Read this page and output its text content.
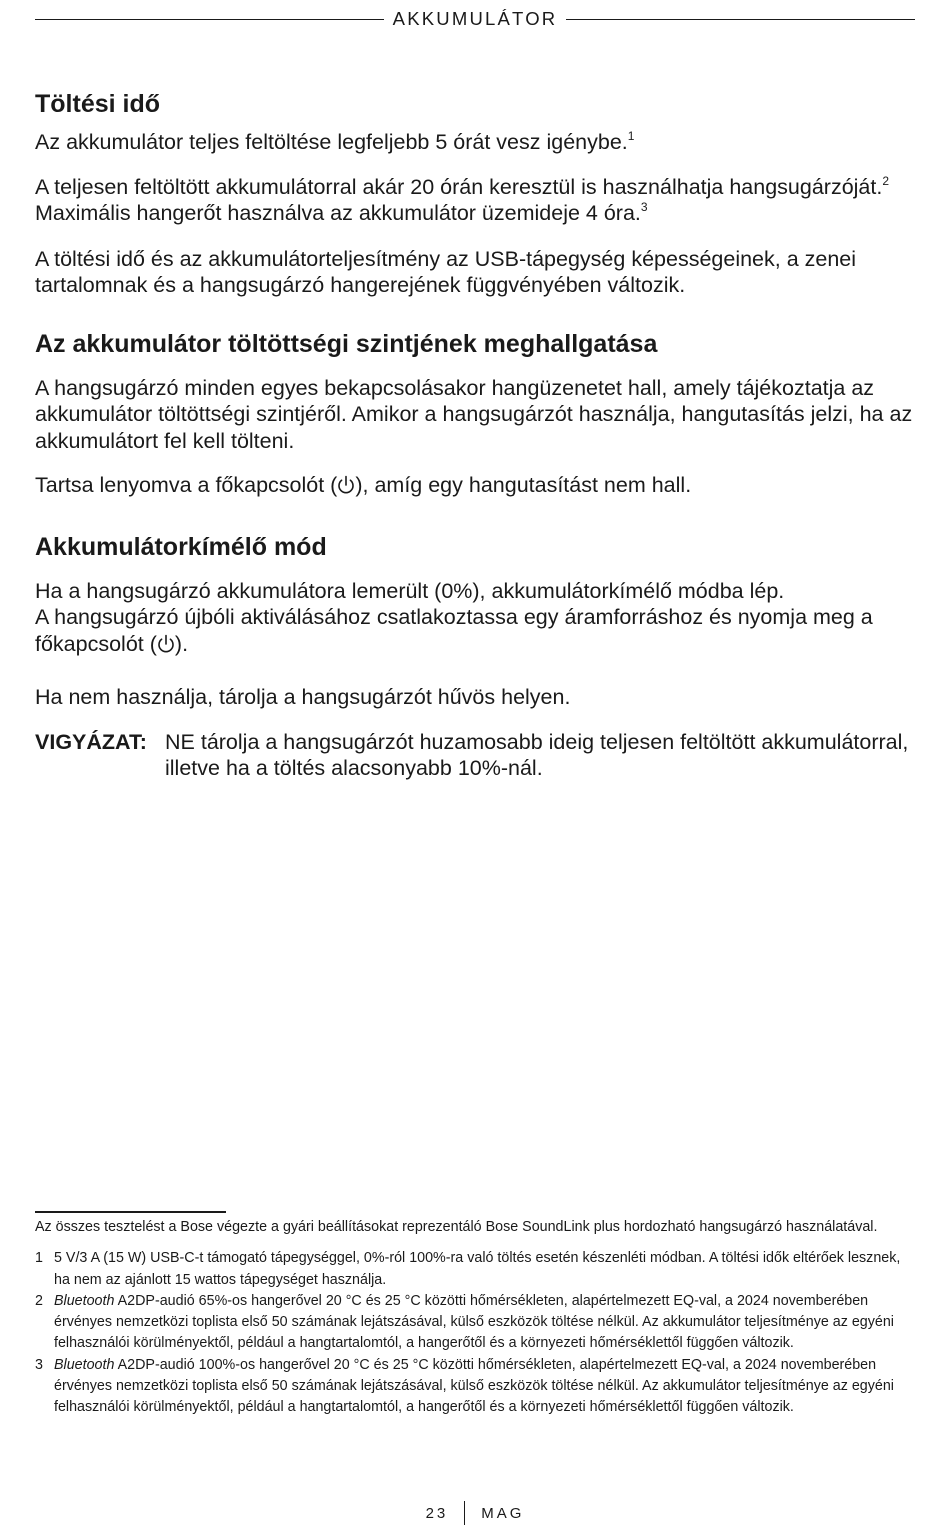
AKKUMULÁTOR
Töltési idő

Az akkumulátor teljes feltöltése legfeljebb 5 órát vesz igénybe.$^1$

A teljesen feltöltött akkumulátorral akár 20 órán keresztül is használhatja hangsugárzóját.$^2$ Maximális hangerőt használva az akkumulátor üzemideje 4 óra.$^3$

A töltési idő és az akkumulátorteljesítmény az USB-tápegység képességeinek, a zenei tartalomnak és a hangsugárzó hangerejének függvényében változik.

Az akkumulátor töltöttségi szintjének meghallgatása

A hangsugárzó minden egyes bekapcsolásakor hangüzenetet hall, amely tájékoztatja az akkumulátor töltöttségi szintjéről. Amikor a hangsugárzót használja, hangutasítás jelzi, ha az akkumulátort fel kell tölteni.

Tartsa lenyomva a főkapcsolót ( ), amíg egy hangutasítást nem hall.

Akkumulátorkímélő mód

Ha a hangsugárzó akkumulátora lemerült (0%), akkumulátorkímélő módba lép.
A hangsugárzó újbóli aktiválásához csatlakoztassa egy áramforráshoz és nyomja meg a főkapcsolót ( ).

Ha nem használja, tárolja a hangsugárzót hűvös helyen.

VIGYÁZAT: NE tárolja a hangsugárzót huzamosabb ideig teljesen feltöltött akkumulátorral, illetve ha a töltés alacsonyabb 10%-nál.
Az összes tesztelést a Bose végezte a gyári beállításokat reprezentáló Bose SoundLink plus hordozható hangsugárzó használatával.
1 5 V/3 A (15 W) USB-C-t támogató tápegységgel, 0%-ról 100%-ra való töltés esetén készenléti módban. A töltési idők eltérőek lesznek, ha nem az ajánlott 15 wattos tápegységet használja.
2 Bluetooth A2DP-audió 65%-os hangerővel 20 °C és 25 °C közötti hőmérsékleten, alapértelmezett EQ-val, a 2024 novemberében érvényes nemzetközi toplista első 50 számának lejátszásával, külső eszközök töltése nélkül. Az akkumulátor teljesítménye az egyéni felhasználói körülményektől, például a hangtartalomtól, a hangerőtől és a környezeti hőmérséklettől függően változik.
3 Bluetooth A2DP-audió 100%-os hangerővel 20 °C és 25 °C közötti hőmérsékleten, alapértelmezett EQ-val, a 2024 novemberében érvényes nemzetközi toplista első 50 számának lejátszásával, külső eszközök töltése nélkül. Az akkumulátor teljesítménye az egyéni felhasználói körülményektől, például a hangtartalomtól, a hangerőtől és a környezeti hőmérséklettől függően változik.
23 MAG
